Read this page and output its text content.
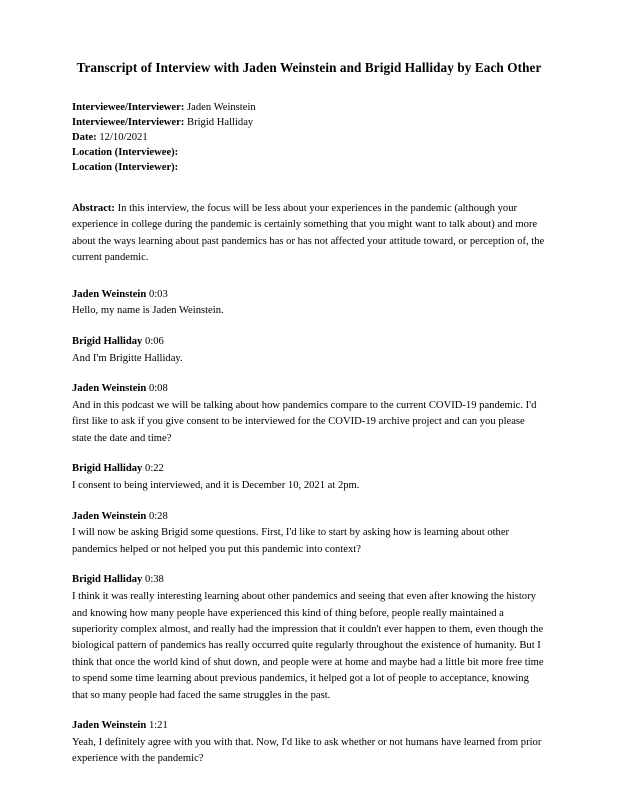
Transcript of Interview with Jaden Weinstein and Brigid Halliday by Each Other

Interviewee/Interviewer: Jaden Weinstein

Interviewee/Interviewer: Brigid Halliday

Date: 12/10/2021

Location (Interviewee):

Location (Interviewer):

Abstract: In this interview, the focus will be less about your experiences in the pandemic (although your experience in college during the pandemic is certainly something that you might want to talk about) and more about the ways learning about past pandemics has or has not affected your attitude toward, or perception of, the current pandemic.

Jaden Weinstein 0:03

Hello, my name is Jaden Weinstein.

Brigid Halliday 0:06

And I'm Brigitte Halliday.

Jaden Weinstein 0:08

And in this podcast we will be talking about how pandemics compare to the current COVID-19 pandemic. I'd first like to ask if you give consent to be interviewed for the COVID-19 archive project and can you please state the date and time?

Brigid Halliday 0:22

I consent to being interviewed, and it is December 10, 2021 at 2pm.

Jaden Weinstein 0:28

I will now be asking Brigid some questions. First, I'd like to start by asking how is learning about other pandemics helped or not helped you put this pandemic into context?

Brigid Halliday 0:38

I think it was really interesting learning about other pandemics and seeing that even after knowing the history and knowing how many people have experienced this kind of thing before, people really maintained a superiority complex almost, and really had the impression that it couldn't ever happen to them, even though the biological pattern of pandemics has really occurred quite regularly throughout the existence of humanity. But I think that once the world kind of shut down, and people were at home and maybe had a little bit more free time to spend some time learning about previous pandemics, it helped got a lot of people to acceptance, knowing that so many people had faced the same struggles in the past.

Jaden Weinstein 1:21

Yeah, I definitely agree with you with that. Now, I'd like to ask whether or not humans have learned from prior experience with the pandemic?
